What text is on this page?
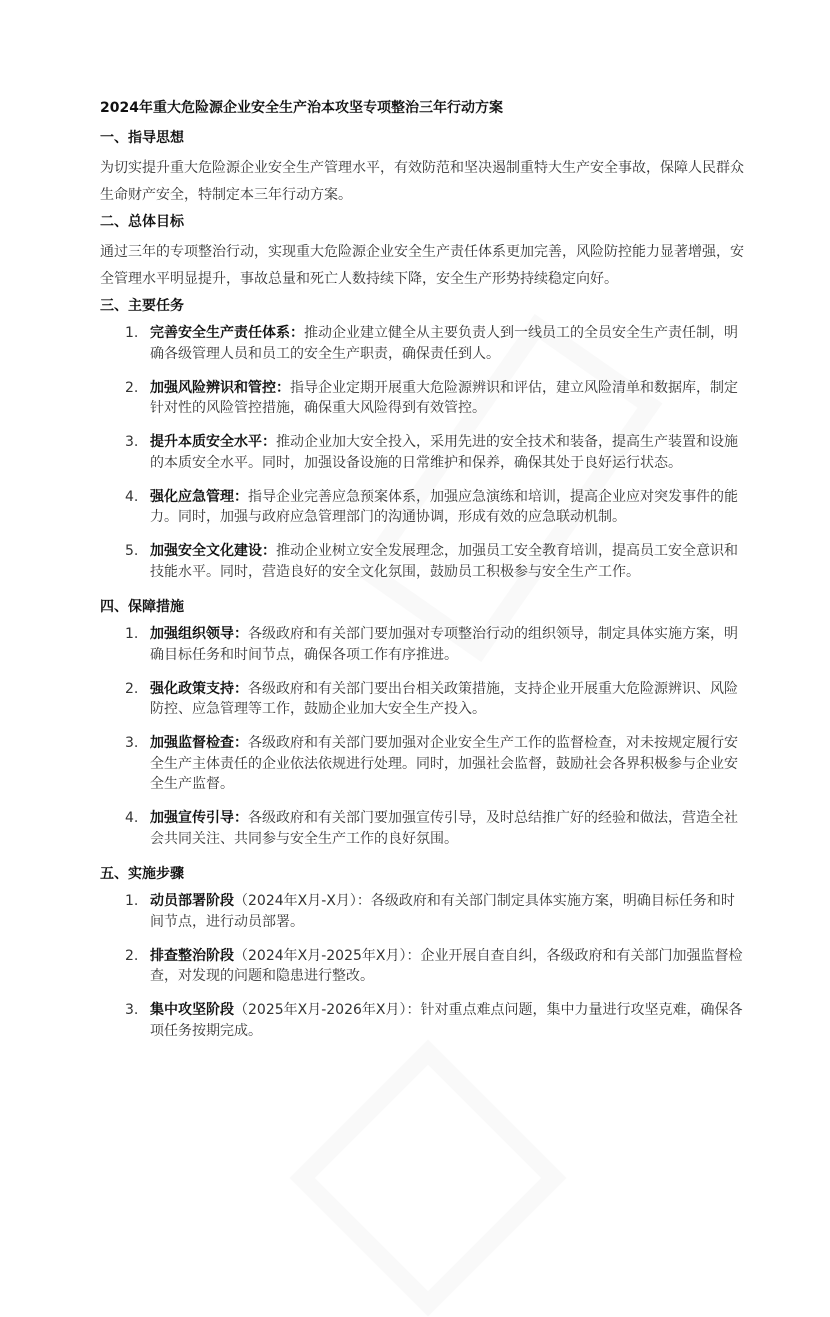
2024年重大危险源企业安全生产治本攻坚专项整治三年行动方案
一、指导思想
为切实提升重大危险源企业安全生产管理水平，有效防范和坚决遏制重特大生产安全事故，保障人民群众生命财产安全，特制定本三年行动方案。
二、总体目标
通过三年的专项整治行动，实现重大危险源企业安全生产责任体系更加完善，风险防控能力显著增强，安全管理水平明显提升，事故总量和死亡人数持续下降，安全生产形势持续稳定向好。
三、主要任务
1. 完善安全生产责任体系：推动企业建立健全从主要负责人到一线员工的全员安全生产责任制，明确各级管理人员和员工的安全生产职责，确保责任到人。
2. 加强风险辨识和管控：指导企业定期开展重大危险源辨识和评估，建立风险清单和数据库，制定针对性的风险管控措施，确保重大风险得到有效管控。
3. 提升本质安全水平：推动企业加大安全投入，采用先进的安全技术和装备，提高生产装置和设施的本质安全水平。同时，加强设备设施的日常维护和保养，确保其处于良好运行状态。
4. 强化应急管理：指导企业完善应急预案体系，加强应急演练和培训，提高企业应对突发事件的能力。同时，加强与政府应急管理部门的沟通协调，形成有效的应急联动机制。
5. 加强安全文化建设：推动企业树立安全发展理念，加强员工安全教育培训，提高员工安全意识和技能水平。同时，营造良好的安全文化氛围，鼓励员工积极参与安全生产工作。
四、保障措施
1. 加强组织领导：各级政府和有关部门要加强对专项整治行动的组织领导，制定具体实施方案，明确目标任务和时间节点，确保各项工作有序推进。
2. 强化政策支持：各级政府和有关部门要出台相关政策措施，支持企业开展重大危险源辨识、风险防控、应急管理等工作，鼓励企业加大安全生产投入。
3. 加强监督检查：各级政府和有关部门要加强对企业安全生产工作的监督检查，对未按规定履行安全生产主体责任的企业依法依规进行处理。同时，加强社会监督，鼓励社会各界积极参与企业安全生产监督。
4. 加强宣传引导：各级政府和有关部门要加强宣传引导，及时总结推广好的经验和做法，营造全社会共同关注、共同参与安全生产工作的良好氛围。
五、实施步骤
1. 动员部署阶段（2024年X月-X月）：各级政府和有关部门制定具体实施方案，明确目标任务和时间节点，进行动员部署。
2. 排查整治阶段（2024年X月-2025年X月）：企业开展自查自纠，各级政府和有关部门加强监督检查，对发现的问题和隐患进行整改。
3. 集中攻坚阶段（2025年X月-2026年X月）：针对重点难点问题，集中力量进行攻坚克难，确保各项任务按期完成。
